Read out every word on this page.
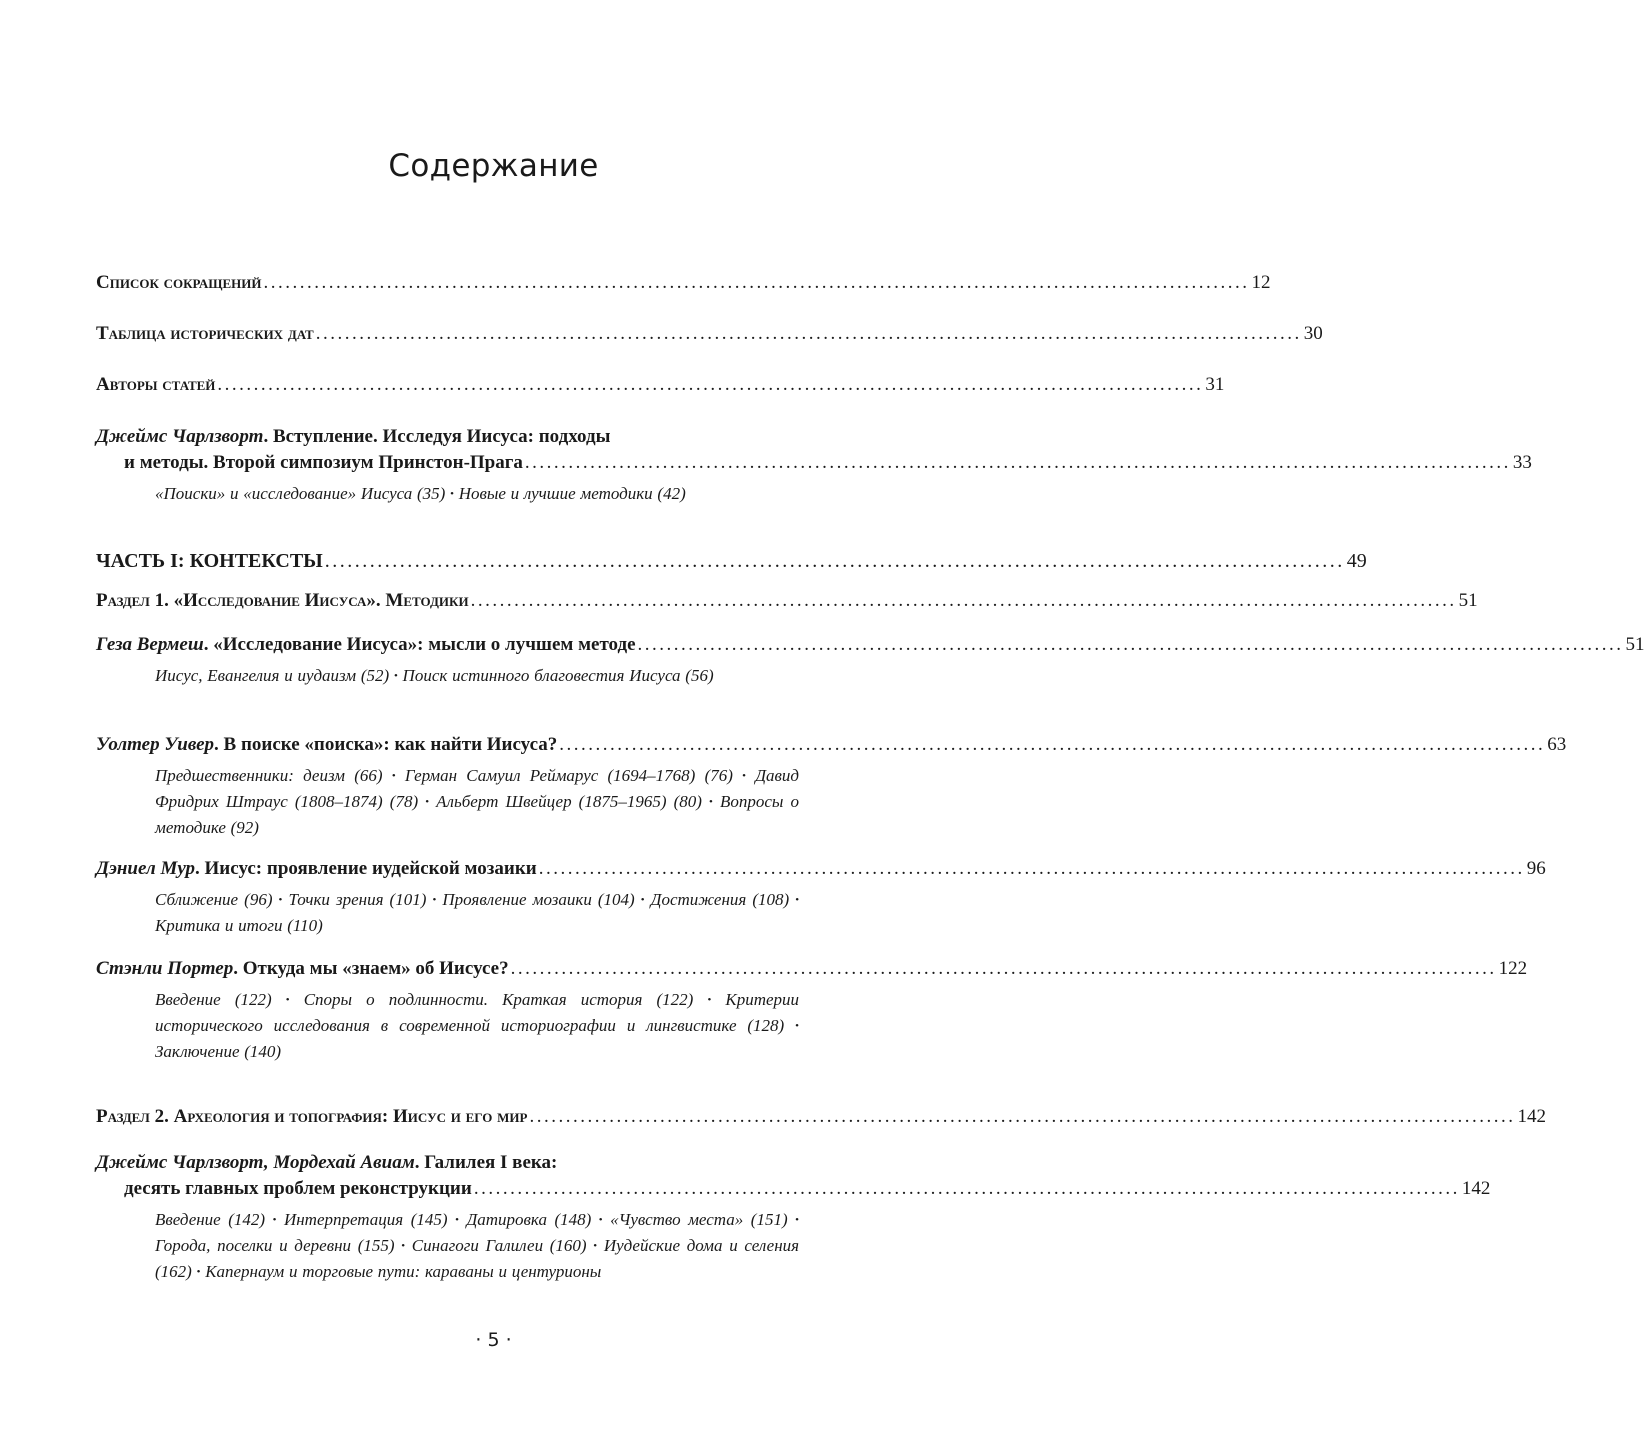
Содержание
Список сокращений ........................................................................................................................................ 12
Таблица исторических дат ........................................................................................................................................ 30
Авторы статей ........................................................................................................................................ 31
Джеймс Чарлзворт. Вступление. Исследуя Иисуса: подходы
и методы. Второй симпозиум Принстон-Прага ........................................................................................................................................ 33
«Поиски» и «исследование» Иисуса (35) • Новые и лучшие методики (42)
ЧАСТЬ I: КОНТЕКСТЫ ........................................................................................................................................ 49
Раздел 1. «Исследование Иисуса». Методики ........................................................................................................................................ 51
Геза Вермеш. «Исследование Иисуса»: мысли о лучшем методе ........................................................................................................................................ 51
Иисус, Евангелия и иудаизм (52) • Поиск истинного благовестия Иисуса (56)
Уолтер Уивер. В поиске «поиска»: как найти Иисуса? ........................................................................................................................................ 63
Предшественники: деизм (66) • Герман Самуил Реймарус (1694–1768) (76) • Давид Фридрих Штраус (1808–1874) (78) • Альберт Швейцер (1875–1965) (80) • Вопросы о методике (92)
Дэниел Мур. Иисус: проявление иудейской мозаики ........................................................................................................................................ 96
Сближение (96) • Точки зрения (101) • Проявление мозаики (104) • Достижения (108) • Критика и итоги (110)
Стэнли Портер. Откуда мы «знаем» об Иисусе? ........................................................................................................................................ 122
Введение (122) • Споры о подлинности. Краткая история (122) • Критерии исторического исследования в современной историографии и лингвистике (128) • Заключение (140)
Раздел 2. Археология и топография: Иисус и его мир ........................................................................................................................................ 142
Джеймс Чарлзворт, Мордехай Авиам. Галилея I века:
десять главных проблем реконструкции ........................................................................................................................................ 142
Введение (142) • Интерпретация (145) • Датировка (148) • «Чувство места» (151) • Города, поселки и деревни (155) • Синагоги Галилеи (160) • Иудейские дома и селения (162) • Капернаум и торговые пути: караваны и центурионы
· 5 ·
